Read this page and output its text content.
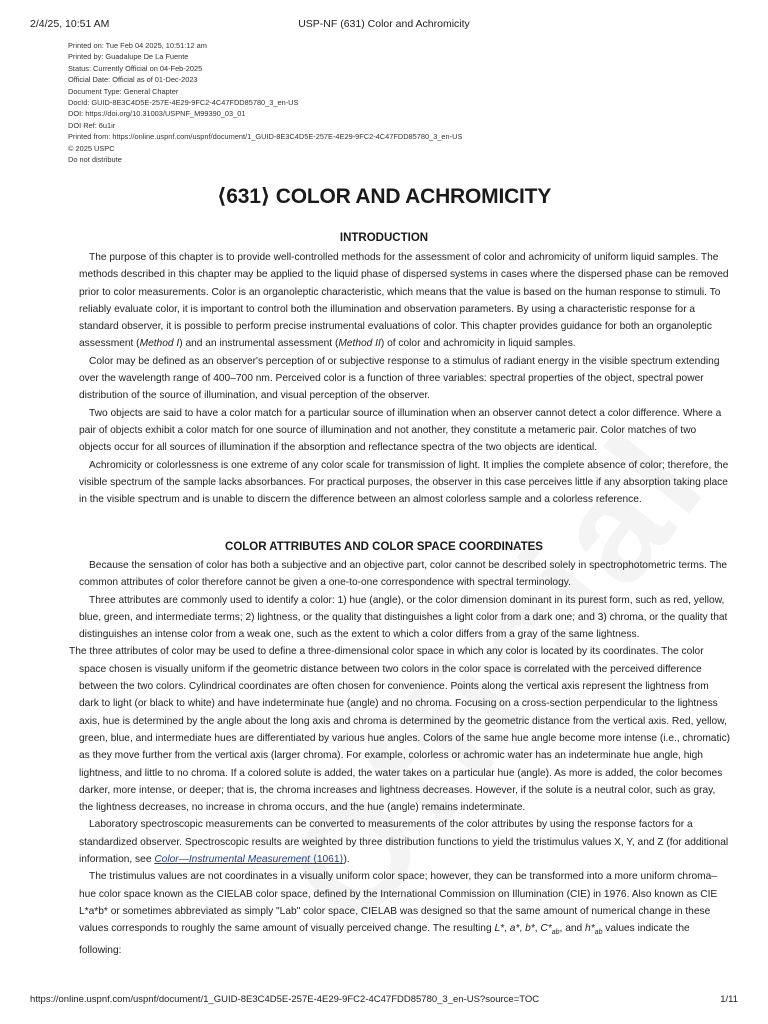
2/4/25, 10:51 AM	USP-NF (631) Color and Achromicity
Printed on: Tue Feb 04 2025, 10:51:12 am
Printed by: Guadalupe De La Fuente
Status: Currently Official on 04-Feb-2025
Official Date: Official as of 01-Dec-2023
Document Type: General Chapter
DocId: GUID-8E3C4D5E-257E-4E29-9FC2-4C47FDD85780_3_en-US
DOI: https://doi.org/10.31003/USPNF_M99390_03_01
DOI Ref: 6u1ir
Printed from: https://online.uspnf.com/uspnf/document/1_GUID-8E3C4D5E-257E-4E29-9FC2-4C47FDD85780_3_en-US
© 2025 USPC
Do not distribute
⟨631⟩ COLOR AND ACHROMICITY
INTRODUCTION

The purpose of this chapter is to provide well-controlled methods for the assessment of color and achromicity of uniform liquid samples. The methods described in this chapter may be applied to the liquid phase of dispersed systems in cases where the dispersed phase can be removed prior to color measurements. Color is an organoleptic characteristic, which means that the value is based on the human response to stimuli. To reliably evaluate color, it is important to control both the illumination and observation parameters. By using a characteristic response for a standard observer, it is possible to perform precise instrumental evaluations of color. This chapter provides guidance for both an organoleptic assessment (Method I) and an instrumental assessment (Method II) of color and achromicity in liquid samples.

Color may be defined as an observer's perception of or subjective response to a stimulus of radiant energy in the visible spectrum extending over the wavelength range of 400–700 nm. Perceived color is a function of three variables: spectral properties of the object, spectral power distribution of the source of illumination, and visual perception of the observer.

Two objects are said to have a color match for a particular source of illumination when an observer cannot detect a color difference. Where a pair of objects exhibit a color match for one source of illumination and not another, they constitute a metameric pair. Color matches of two objects occur for all sources of illumination if the absorption and reflectance spectra of the two objects are identical.

Achromicity or colorlessness is one extreme of any color scale for transmission of light. It implies the complete absence of color; therefore, the visible spectrum of the sample lacks absorbances. For practical purposes, the observer in this case perceives little if any absorption taking place in the visible spectrum and is unable to discern the difference between an almost colorless sample and a colorless reference.

COLOR ATTRIBUTES AND COLOR SPACE COORDINATES

Because the sensation of color has both a subjective and an objective part, color cannot be described solely in spectrophotometric terms. The common attributes of color therefore cannot be given a one-to-one correspondence with spectral terminology.

Three attributes are commonly used to identify a color: 1) hue (angle), or the color dimension dominant in its purest form, such as red, yellow, blue, green, and intermediate terms; 2) lightness, or the quality that distinguishes a light color from a dark one; and 3) chroma, or the quality that distinguishes an intense color from a weak one, such as the extent to which a color differs from a gray of the same lightness.

The three attributes of color may be used to define a three-dimensional color space in which any color is located by its coordinates. The color space chosen is visually uniform if the geometric distance between two colors in the color space is correlated with the perceived difference between the two colors. Cylindrical coordinates are often chosen for convenience. Points along the vertical axis represent the lightness from dark to light (or black to white) and have indeterminate hue (angle) and no chroma. Focusing on a cross-section perpendicular to the lightness axis, hue is determined by the angle about the long axis and chroma is determined by the geometric distance from the vertical axis. Red, yellow, green, blue, and intermediate hues are differentiated by various hue angles. Colors of the same hue angle become more intense (i.e., chromatic) as they move further from the vertical axis (larger chroma). For example, colorless or achromic water has an indeterminate hue angle, high lightness, and little to no chroma. If a colored solute is added, the water takes on a particular hue (angle). As more is added, the color becomes darker, more intense, or deeper; that is, the chroma increases and lightness decreases. However, if the solute is a neutral color, such as gray, the lightness decreases, no increase in chroma occurs, and the hue (angle) remains indeterminate.

Laboratory spectroscopic measurements can be converted to measurements of the color attributes by using the response factors for a standardized observer. Spectroscopic results are weighted by three distribution functions to yield the tristimulus values X, Y, and Z (for additional information, see Color—Instrumental Measurement ⟨1061⟩).

The tristimulus values are not coordinates in a visually uniform color space; however, they can be transformed into a more uniform chroma–hue color space known as the CIELAB color space, defined by the International Commission on Illumination (CIE) in 1976. Also known as CIE L*a*b* or sometimes abbreviated as simply "Lab" color space, CIELAB was designed so that the same amount of numerical change in these values corresponds to roughly the same amount of visually perceived change. The resulting L*, a*, b*, $C*_{ab}$, and $h*_{ab}$ values indicate the following:

https://online.uspnf.com/uspnf/document/1_GUID-8E3C4D5E-257E-4E29-9FC2-4C47FDD85780_3_en-US?source=TOC	1/11
